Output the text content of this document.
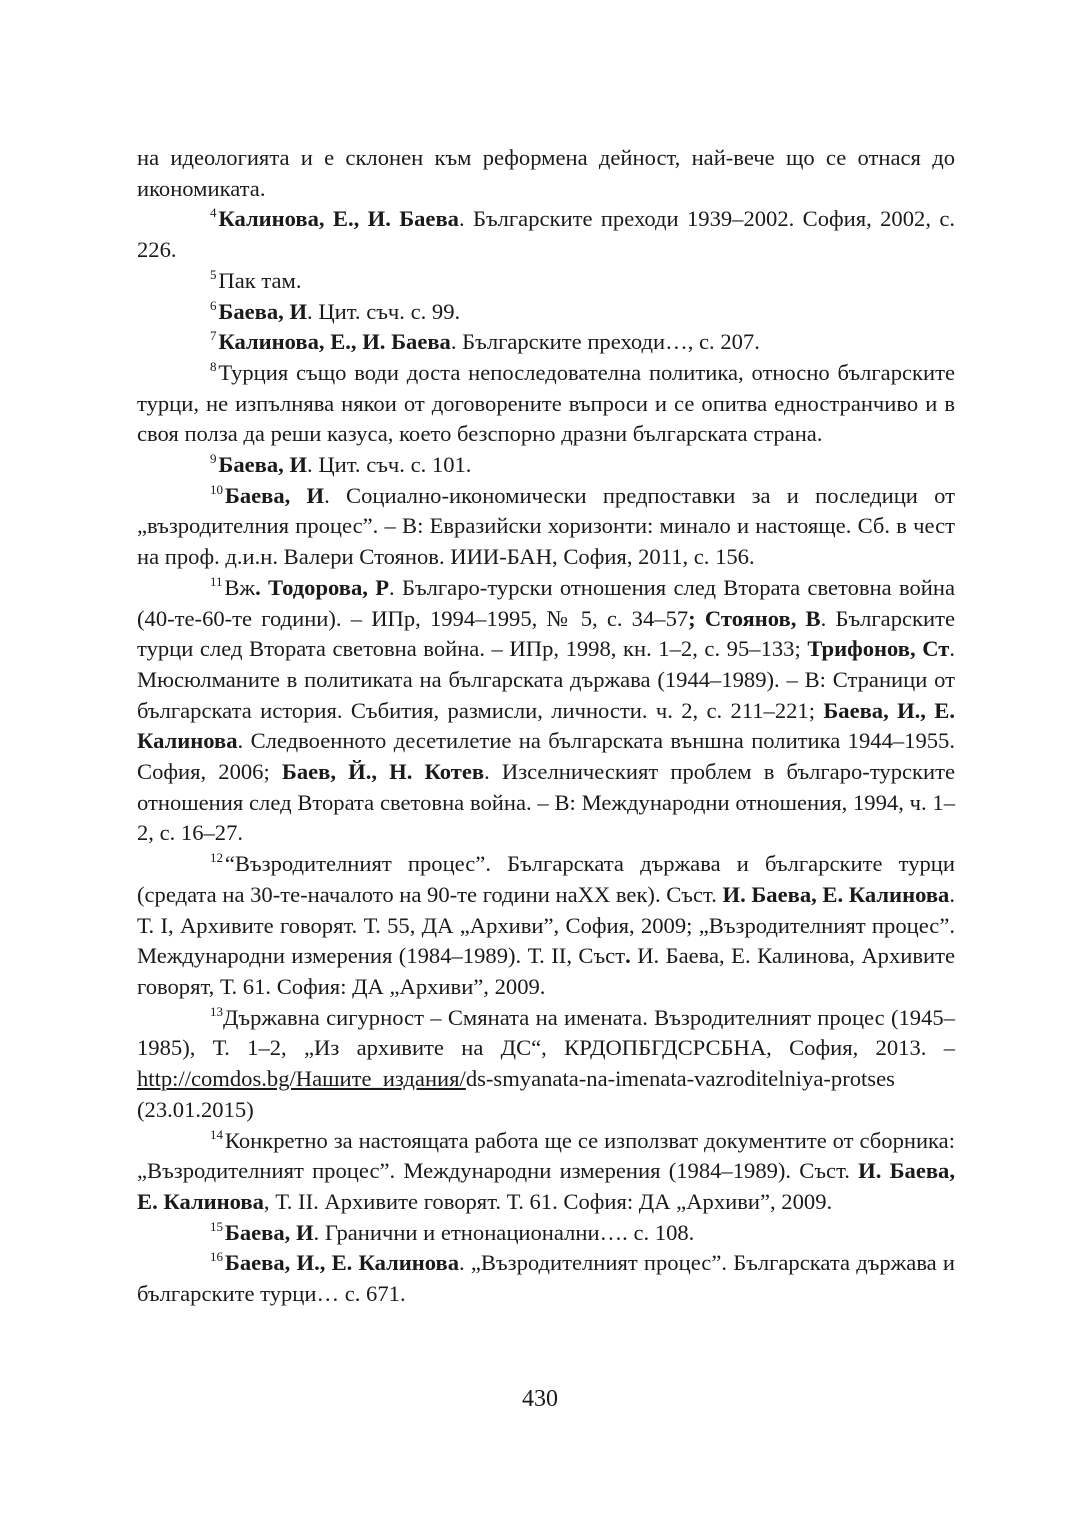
на идеологията и е склонен към реформена дейност, най-вече що се отнася до икономиката.

$^4$ Калинова, Е., И. Баева. Българските преходи 1939–2002. София, 2002, с. 226.

$^5$ Пак там.

$^6$ Баева, И. Цит. съч. с. 99.

$^7$ Калинова, Е., И. Баева. Българските преходи…, с. 207.

$^8$ Турция също води доста непоследователна политика, относно българските турци, не изпълнява някои от договорените въпроси и се опитва едностранчиво и в своя полза да реши казуса, което безспорно дразни българската страна.

$^9$ Баева, И. Цит. съч. с. 101.

$^{10}$ Баева, И. Социално-икономически предпоставки за и последици от „възродителния процес”. – В: Евразийски хоризонти: минало и настояще. Сб. в чест на проф. д.и.н. Валери Стоянов. ИИИ-БАН, София, 2011, с. 156.

$^{11}$ Вж. Тодорова, Р. Българо-турски отношения след Втората световна война (40-те-60-те години). – ИПр, 1994–1995, № 5, с. 34–57; Стоянов, В. Българските турци след Втората световна война. – ИПр, 1998, кн. 1–2, с. 95–133; Трифонов, Ст. Мюсюлманите в политиката на българската държава (1944–1989). – В: Страници от българската история. Събития, размисли, личности. ч. 2, с. 211–221; Баева, И., Е. Калинова. Следвоенното десетилетие на българската външна политика 1944–1955. София, 2006; Баев, Й., Н. Котев. Изселническият проблем в българо-турските отношения след Втората световна война. – В: Международни отношения, 1994, ч. 1–2, с. 16–27.

$^{12}$ “Възродителният процес”. Българската държава и българските турци (средата на 30-те-началото на 90-те години наXX век). Съст. И. Баева, Е. Калинова. Т. I, Архивите говорят. Т. 55, ДА „Архиви”, София, 2009; „Възродителният процес”. Международни измерения (1984–1989). Т. II, Съст. И. Баева, Е. Калинова, Архивите говорят, Т. 61. София: ДА „Архиви”, 2009.

$^{13}$Държавна сигурност – Смяната на имената. Възродителният процес (1945–1985), Т. 1–2, „Из архивите на ДС“, КРДОПБГДСРСБНА, София, 2013. – http://comdos.bg/Нашите_издания/ds-smyanata-na-imenata-vazroditelniya-protses (23.01.2015)

$^{14}$ Конкретно за настоящата работа ще се използват документите от сборника: „Възродителният процес”. Международни измерения (1984–1989). Съст. И. Баева, Е. Калинова, Т. II. Архивите говорят. Т. 61. София: ДА „Архиви”, 2009.

$^{15}$ Баева, И. Гранични и етнонационални…. с. 108.

$^{16}$ Баева, И., Е. Калинова. „Възродителният процес”. Българската държава и българските турци… с. 671.

430
